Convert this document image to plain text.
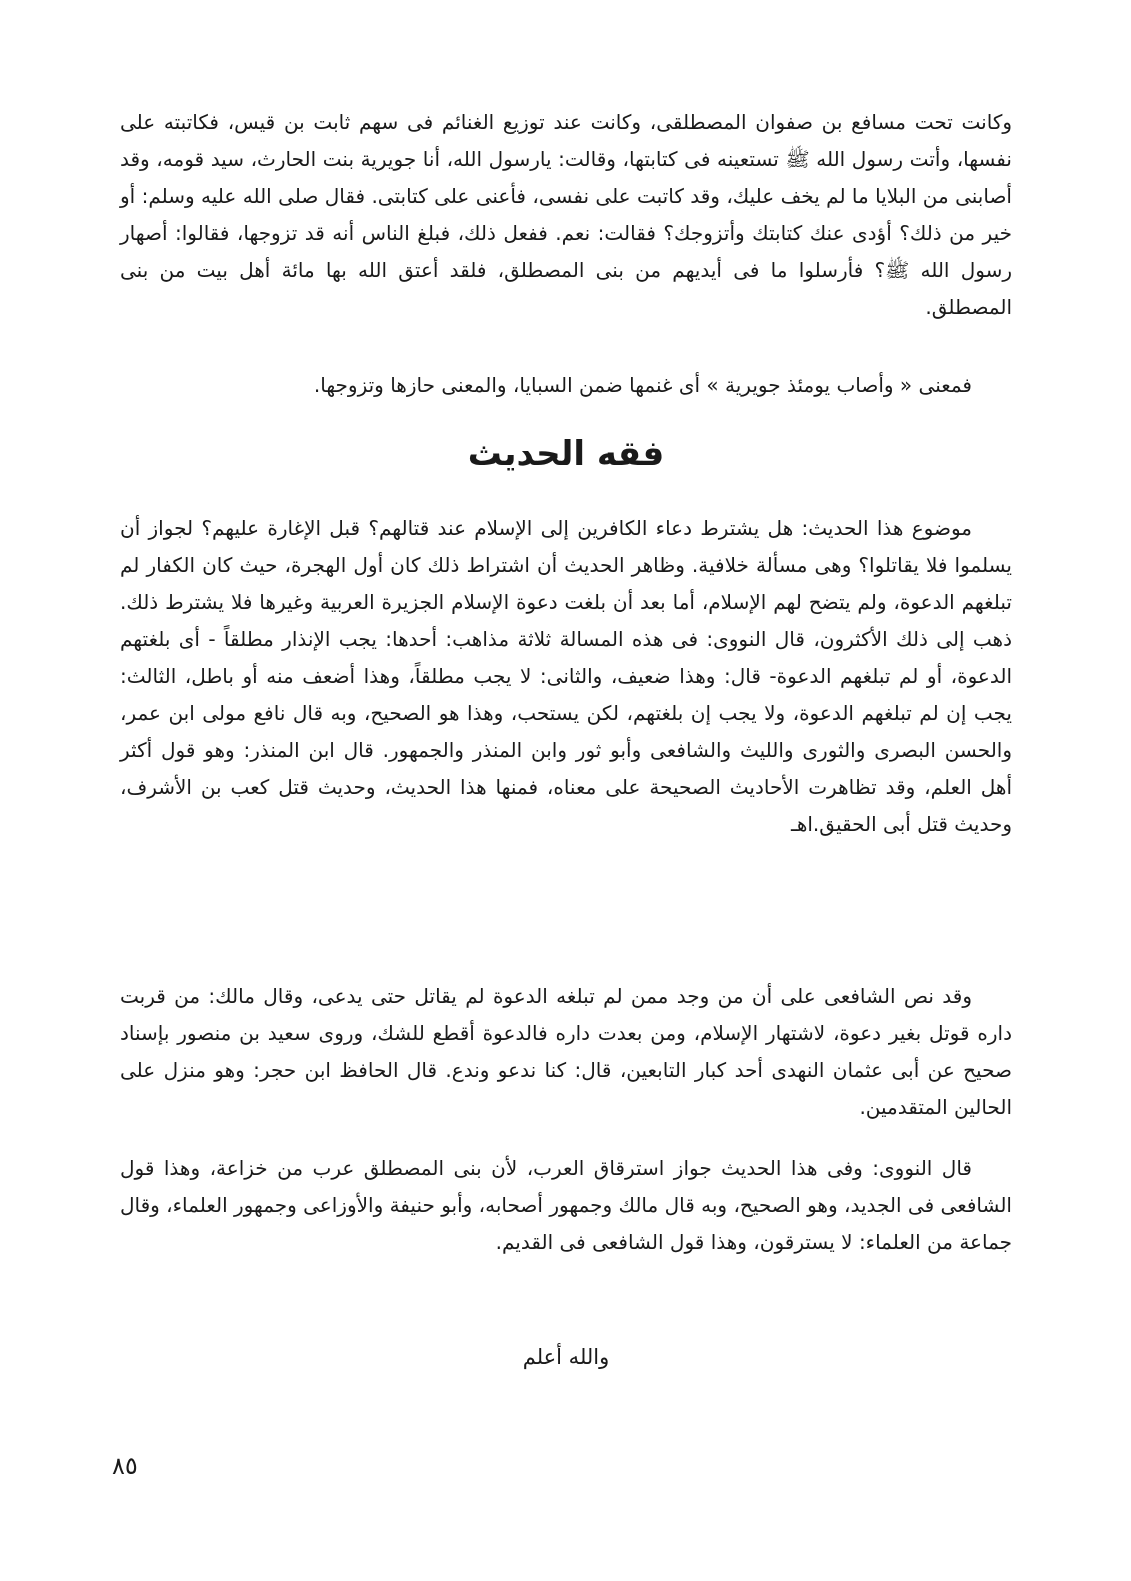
وكانت تحت مسافع بن صفوان المصطلقى، وكانت عند توزيع الغنائم فى سهم ثابت بن قيس، فكاتبته على نفسها، وأتت رسول الله ﷺ تستعينه فى كتابتها، وقالت: يارسول الله، أنا جويرية بنت الحارث، سيد قومه، وقد أصابنى من البلايا ما لم يخف عليك، وقد كاتبت على نفسى، فأعنى على كتابتى. فقال صلى الله عليه وسلم: أو خير من ذلك؟ أؤدى عنك كتابتك وأتزوجك؟ فقالت: نعم. ففعل ذلك، فبلغ الناس أنه قد تزوجها، فقالوا: أصهار رسول الله ﷺ؟ فأرسلوا ما فى أيديهم من بنى المصطلق، فلقد أعتق الله بها مائة أهل بيت من بنى المصطلق.

فمعنى « وأصاب يومئذ جويرية » أى غنمها ضمن السبايا، والمعنى حازها وتزوجها.

فقه الحديث

موضوع هذا الحديث: هل يشترط دعاء الكافرين إلى الإسلام عند قتالهم؟ قبل الإغارة عليهم؟ لجواز أن يسلموا فلا يقاتلوا؟ وهى مسألة خلافية. وظاهر الحديث أن اشتراط ذلك كان أول الهجرة، حيث كان الكفار لم تبلغهم الدعوة، ولم يتضح لهم الإسلام، أما بعد أن بلغت دعوة الإسلام الجزيرة العربية وغيرها فلا يشترط ذلك. ذهب إلى ذلك الأكثرون، قال النووى: فى هذه المسالة ثلاثة مذاهب: أحدها: يجب الإنذار مطلقاً - أى بلغتهم الدعوة، أو لم تبلغهم الدعوة- قال: وهذا ضعيف، والثانى: لا يجب مطلقاً، وهذا أضعف منه أو باطل، الثالث: يجب إن لم تبلغهم الدعوة، ولا يجب إن بلغتهم، لكن يستحب، وهذا هو الصحيح، وبه قال نافع مولى ابن عمر، والحسن البصرى والثورى والليث والشافعى وأبو ثور وابن المنذر والجمهور. قال ابن المنذر: وهو قول أكثر أهل العلم، وقد تظاهرت الأحاديث الصحيحة على معناه، فمنها هذا الحديث، وحديث قتل كعب بن الأشرف، وحديث قتل أبى الحقيق.اهـ

وقد نص الشافعى على أن من وجد ممن لم تبلغه الدعوة لم يقاتل حتى يدعى، وقال مالك: من قربت داره قوتل بغير دعوة، لاشتهار الإسلام، ومن بعدت داره فالدعوة أقطع للشك، وروى سعيد بن منصور بإسناد صحيح عن أبى عثمان النهدى أحد كبار التابعين، قال: كنا ندعو وندع. قال الحافظ ابن حجر: وهو منزل على الحالين المتقدمين.

قال النووى: وفى هذا الحديث جواز استرقاق العرب، لأن بنى المصطلق عرب من خزاعة، وهذا قول الشافعى فى الجديد، وهو الصحيح، وبه قال مالك وجمهور أصحابه، وأبو حنيفة والأوزاعى وجمهور العلماء، وقال جماعة من العلماء: لا يسترقون، وهذا قول الشافعى فى القديم.

والله أعلم

٨٥
